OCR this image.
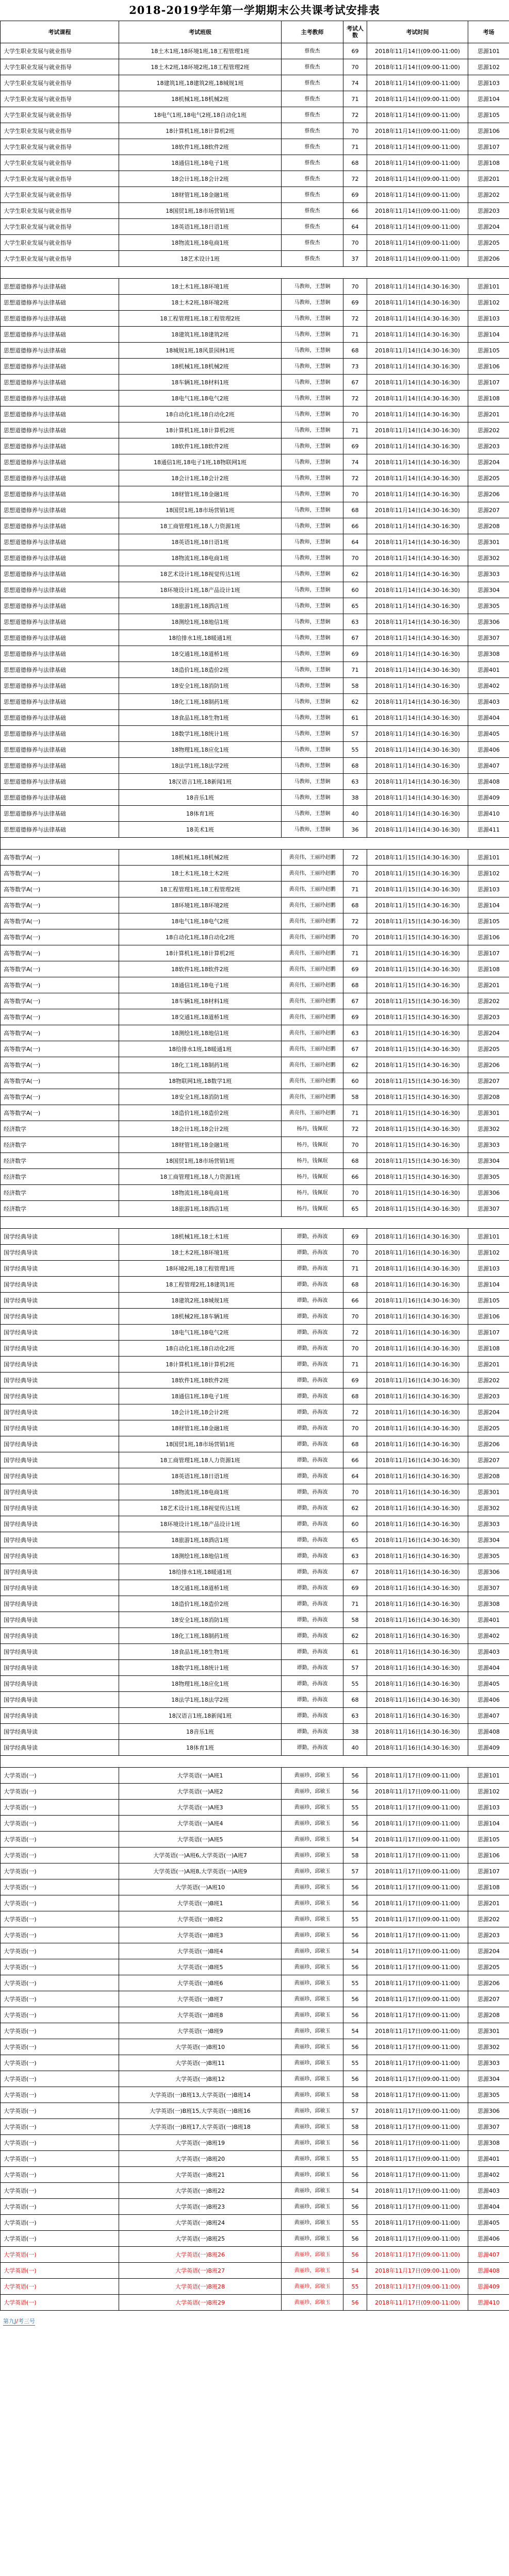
2018-2019学年第一学期期末公共课考试安排表
考试课程	考试班级	主考教师	考试人数	考试时间	考场
大学生职业发展与就业指导	18土木1班,18环境1班,18工程管理1班	蔡俊杰	69	2018年11月14日(09:00-11:00)	思源101
大学生职业发展与就业指导	18土木2班,18环境2班,18工程管理2班	蔡俊杰	70	2018年11月14日(09:00-11:00)	思源102
大学生职业发展与就业指导	18建筑1班,18建筑2班,18城规1班	蔡俊杰	74	2018年11月14日(09:00-11:00)	思源103
大学生职业发展与就业指导	18机械1班,18机械2班	蔡俊杰	71	2018年11月14日(09:00-11:00)	思源104
大学生职业发展与就业指导	18电气1班,18电气2班,18自动化1班	蔡俊杰	72	2018年11月14日(09:00-11:00)	思源105
大学生职业发展与就业指导	18计算机1班,18计算机2班	蔡俊杰	70	2018年11月14日(09:00-11:00)	思源106
大学生职业发展与就业指导	18软件1班,18软件2班	蔡俊杰	71	2018年11月14日(09:00-11:00)	思源107
大学生职业发展与就业指导	18通信1班,18电子1班	蔡俊杰	68	2018年11月14日(09:00-11:00)	思源108
大学生职业发展与就业指导	18会计1班,18会计2班	蔡俊杰	72	2018年11月14日(09:00-11:00)	思源201
大学生职业发展与就业指导	18财管1班,18金融1班	蔡俊杰	69	2018年11月14日(09:00-11:00)	思源202
大学生职业发展与就业指导	18国贸1班,18市场营销1班	蔡俊杰	66	2018年11月14日(09:00-11:00)	思源203
大学生职业发展与就业指导	18英语1班,18日语1班	蔡俊杰	64	2018年11月14日(09:00-11:00)	思源204
大学生职业发展与就业指导	18物流1班,18电商1班	蔡俊杰	70	2018年11月14日(09:00-11:00)	思源205
大学生职业发展与就业指导	18艺术设计1班	蔡俊杰	37	2018年11月14日(09:00-11:00)	思源206

思想道德修养与法律基础	18土木1班,18环境1班	马教师，王慧娴	70	2018年11月14日(14:30-16:30)	思源101
思想道德修养与法律基础	18土木2班,18环境2班	马教师，王慧娴	69	2018年11月14日(14:30-16:30)	思源102
思想道德修养与法律基础	18工程管理1班,18工程管理2班	马教师，王慧娴	72	2018年11月14日(14:30-16:30)	思源103
思想道德修养与法律基础	18建筑1班,18建筑2班	马教师，王慧娴	71	2018年11月14日(14:30-16:30)	思源104
思想道德修养与法律基础	18城规1班,18风景园林1班	马教师，王慧娴	68	2018年11月14日(14:30-16:30)	思源105
思想道德修养与法律基础	18机械1班,18机械2班	马教师，王慧娴	73	2018年11月14日(14:30-16:30)	思源106
思想道德修养与法律基础	18车辆1班,18材料1班	马教师，王慧娴	67	2018年11月14日(14:30-16:30)	思源107
思想道德修养与法律基础	18电气1班,18电气2班	马教师，王慧娴	72	2018年11月14日(14:30-16:30)	思源108
思想道德修养与法律基础	18自动化1班,18自动化2班	马教师，王慧娴	70	2018年11月14日(14:30-16:30)	思源201
思想道德修养与法律基础	18计算机1班,18计算机2班	马教师，王慧娴	71	2018年11月14日(14:30-16:30)	思源202
思想道德修养与法律基础	18软件1班,18软件2班	马教师，王慧娴	69	2018年11月14日(14:30-16:30)	思源203
思想道德修养与法律基础	18通信1班,18电子1班,18物联网1班	马教师，王慧娴	74	2018年11月14日(14:30-16:30)	思源204
思想道德修养与法律基础	18会计1班,18会计2班	马教师，王慧娴	72	2018年11月14日(14:30-16:30)	思源205
思想道德修养与法律基础	18财管1班,18金融1班	马教师，王慧娴	70	2018年11月14日(14:30-16:30)	思源206
思想道德修养与法律基础	18国贸1班,18市场营销1班	马教师，王慧娴	68	2018年11月14日(14:30-16:30)	思源207
思想道德修养与法律基础	18工商管理1班,18人力资源1班	马教师，王慧娴	66	2018年11月14日(14:30-16:30)	思源208
思想道德修养与法律基础	18英语1班,18日语1班	马教师，王慧娴	64	2018年11月14日(14:30-16:30)	思源301
思想道德修养与法律基础	18物流1班,18电商1班	马教师，王慧娴	70	2018年11月14日(14:30-16:30)	思源302
思想道德修养与法律基础	18艺术设计1班,18视觉传达1班	马教师，王慧娴	62	2018年11月14日(14:30-16:30)	思源303
思想道德修养与法律基础	18环境设计1班,18产品设计1班	马教师，王慧娴	60	2018年11月14日(14:30-16:30)	思源304
思想道德修养与法律基础	18旅游1班,18酒店1班	马教师，王慧娴	65	2018年11月14日(14:30-16:30)	思源305
思想道德修养与法律基础	18测绘1班,18地信1班	马教师，王慧娴	63	2018年11月14日(14:30-16:30)	思源306
思想道德修养与法律基础	18给排水1班,18暖通1班	马教师，王慧娴	67	2018年11月14日(14:30-16:30)	思源307
思想道德修养与法律基础	18交通1班,18道桥1班	马教师，王慧娴	69	2018年11月14日(14:30-16:30)	思源308
思想道德修养与法律基础	18造价1班,18造价2班	马教师，王慧娴	71	2018年11月14日(14:30-16:30)	思源401
思想道德修养与法律基础	18安全1班,18消防1班	马教师，王慧娴	58	2018年11月14日(14:30-16:30)	思源402
思想道德修养与法律基础	18化工1班,18制药1班	马教师，王慧娴	62	2018年11月14日(14:30-16:30)	思源403
思想道德修养与法律基础	18食品1班,18生物1班	马教师，王慧娴	61	2018年11月14日(14:30-16:30)	思源404
思想道德修养与法律基础	18数学1班,18统计1班	马教师，王慧娴	57	2018年11月14日(14:30-16:30)	思源405
思想道德修养与法律基础	18物理1班,18应化1班	马教师，王慧娴	55	2018年11月14日(14:30-16:30)	思源406
思想道德修养与法律基础	18法学1班,18法学2班	马教师，王慧娴	68	2018年11月14日(14:30-16:30)	思源407
思想道德修养与法律基础	18汉语言1班,18新闻1班	马教师，王慧娴	63	2018年11月14日(14:30-16:30)	思源408
思想道德修养与法律基础	18音乐1班	马教师，王慧娴	38	2018年11月14日(14:30-16:30)	思源409
思想道德修养与法律基础	18体育1班	马教师，王慧娴	40	2018年11月14日(14:30-16:30)	思源410
思想道德修养与法律基础	18美术1班	马教师，王慧娴	36	2018年11月14日(14:30-16:30)	思源411

高等数学A(一)	18机械1班,18机械2班	黄亮伟，王丽玲赵鹏	72	2018年11月15日(14:30-16:30)	思源101
高等数学A(一)	18土木1班,18土木2班	黄亮伟，王丽玲赵鹏	70	2018年11月15日(14:30-16:30)	思源102
高等数学A(一)	18工程管理1班,18工程管理2班	黄亮伟，王丽玲赵鹏	71	2018年11月15日(14:30-16:30)	思源103
高等数学A(一)	18环境1班,18环境2班	黄亮伟，王丽玲赵鹏	68	2018年11月15日(14:30-16:30)	思源104
高等数学A(一)	18电气1班,18电气2班	黄亮伟，王丽玲赵鹏	72	2018年11月15日(14:30-16:30)	思源105
高等数学A(一)	18自动化1班,18自动化2班	黄亮伟，王丽玲赵鹏	70	2018年11月15日(14:30-16:30)	思源106
高等数学A(一)	18计算机1班,18计算机2班	黄亮伟，王丽玲赵鹏	71	2018年11月15日(14:30-16:30)	思源107
高等数学A(一)	18软件1班,18软件2班	黄亮伟，王丽玲赵鹏	69	2018年11月15日(14:30-16:30)	思源108
高等数学A(一)	18通信1班,18电子1班	黄亮伟，王丽玲赵鹏	68	2018年11月15日(14:30-16:30)	思源201
高等数学A(一)	18车辆1班,18材料1班	黄亮伟，王丽玲赵鹏	67	2018年11月15日(14:30-16:30)	思源202
高等数学A(一)	18交通1班,18道桥1班	黄亮伟，王丽玲赵鹏	69	2018年11月15日(14:30-16:30)	思源203
高等数学A(一)	18测绘1班,18地信1班	黄亮伟，王丽玲赵鹏	63	2018年11月15日(14:30-16:30)	思源204
高等数学A(一)	18给排水1班,18暖通1班	黄亮伟，王丽玲赵鹏	67	2018年11月15日(14:30-16:30)	思源205
高等数学A(一)	18化工1班,18制药1班	黄亮伟，王丽玲赵鹏	62	2018年11月15日(14:30-16:30)	思源206
高等数学A(一)	18物联网1班,18数学1班	黄亮伟，王丽玲赵鹏	60	2018年11月15日(14:30-16:30)	思源207
高等数学A(一)	18安全1班,18消防1班	黄亮伟，王丽玲赵鹏	58	2018年11月15日(14:30-16:30)	思源208
高等数学A(一)	18造价1班,18造价2班	黄亮伟，王丽玲赵鹏	71	2018年11月15日(14:30-16:30)	思源301
经济数学	18会计1班,18会计2班	杨丹，钱佩珉	72	2018年11月15日(14:30-16:30)	思源302
经济数学	18财管1班,18金融1班	杨丹，钱佩珉	70	2018年11月15日(14:30-16:30)	思源303
经济数学	18国贸1班,18市场营销1班	杨丹，钱佩珉	68	2018年11月15日(14:30-16:30)	思源304
经济数学	18工商管理1班,18人力资源1班	杨丹，钱佩珉	66	2018年11月15日(14:30-16:30)	思源305
经济数学	18物流1班,18电商1班	杨丹，钱佩珉	70	2018年11月15日(14:30-16:30)	思源306
经济数学	18旅游1班,18酒店1班	杨丹，钱佩珉	65	2018年11月15日(14:30-16:30)	思源307

国学经典导读	18机械1班,18土木1班	谭勤，孙海波	69	2018年11月16日(14:30-16:30)	思源101
国学经典导读	18土木2班,18环境1班	谭勤，孙海波	70	2018年11月16日(14:30-16:30)	思源102
国学经典导读	18环境2班,18工程管理1班	谭勤，孙海波	71	2018年11月16日(14:30-16:30)	思源103
国学经典导读	18工程管理2班,18建筑1班	谭勤，孙海波	68	2018年11月16日(14:30-16:30)	思源104
国学经典导读	18建筑2班,18城规1班	谭勤，孙海波	66	2018年11月16日(14:30-16:30)	思源105
国学经典导读	18机械2班,18车辆1班	谭勤，孙海波	70	2018年11月16日(14:30-16:30)	思源106
国学经典导读	18电气1班,18电气2班	谭勤，孙海波	72	2018年11月16日(14:30-16:30)	思源107
国学经典导读	18自动化1班,18自动化2班	谭勤，孙海波	70	2018年11月16日(14:30-16:30)	思源108
国学经典导读	18计算机1班,18计算机2班	谭勤，孙海波	71	2018年11月16日(14:30-16:30)	思源201
国学经典导读	18软件1班,18软件2班	谭勤，孙海波	69	2018年11月16日(14:30-16:30)	思源202
国学经典导读	18通信1班,18电子1班	谭勤，孙海波	68	2018年11月16日(14:30-16:30)	思源203
国学经典导读	18会计1班,18会计2班	谭勤，孙海波	72	2018年11月16日(14:30-16:30)	思源204
国学经典导读	18财管1班,18金融1班	谭勤，孙海波	70	2018年11月16日(14:30-16:30)	思源205
国学经典导读	18国贸1班,18市场营销1班	谭勤，孙海波	68	2018年11月16日(14:30-16:30)	思源206
国学经典导读	18工商管理1班,18人力资源1班	谭勤，孙海波	66	2018年11月16日(14:30-16:30)	思源207
国学经典导读	18英语1班,18日语1班	谭勤，孙海波	64	2018年11月16日(14:30-16:30)	思源208
国学经典导读	18物流1班,18电商1班	谭勤，孙海波	70	2018年11月16日(14:30-16:30)	思源301
国学经典导读	18艺术设计1班,18视觉传达1班	谭勤，孙海波	62	2018年11月16日(14:30-16:30)	思源302
国学经典导读	18环境设计1班,18产品设计1班	谭勤，孙海波	60	2018年11月16日(14:30-16:30)	思源303
国学经典导读	18旅游1班,18酒店1班	谭勤，孙海波	65	2018年11月16日(14:30-16:30)	思源304
国学经典导读	18测绘1班,18地信1班	谭勤，孙海波	63	2018年11月16日(14:30-16:30)	思源305
国学经典导读	18给排水1班,18暖通1班	谭勤，孙海波	67	2018年11月16日(14:30-16:30)	思源306
国学经典导读	18交通1班,18道桥1班	谭勤，孙海波	69	2018年11月16日(14:30-16:30)	思源307
国学经典导读	18造价1班,18造价2班	谭勤，孙海波	71	2018年11月16日(14:30-16:30)	思源308
国学经典导读	18安全1班,18消防1班	谭勤，孙海波	58	2018年11月16日(14:30-16:30)	思源401
国学经典导读	18化工1班,18制药1班	谭勤，孙海波	62	2018年11月16日(14:30-16:30)	思源402
国学经典导读	18食品1班,18生物1班	谭勤，孙海波	61	2018年11月16日(14:30-16:30)	思源403
国学经典导读	18数学1班,18统计1班	谭勤，孙海波	57	2018年11月16日(14:30-16:30)	思源404
国学经典导读	18物理1班,18应化1班	谭勤，孙海波	55	2018年11月16日(14:30-16:30)	思源405
国学经典导读	18法学1班,18法学2班	谭勤，孙海波	68	2018年11月16日(14:30-16:30)	思源406
国学经典导读	18汉语言1班,18新闻1班	谭勤，孙海波	63	2018年11月16日(14:30-16:30)	思源407
国学经典导读	18音乐1班	谭勤，孙海波	38	2018年11月16日(14:30-16:30)	思源408
国学经典导读	18体育1班	谭勤，孙海波	40	2018年11月16日(14:30-16:30)	思源409

大学英语(一)	大学英语(一)A班1	黄丽珍，邱敏玉	56	2018年11月17日(09:00-11:00)	思源101
大学英语(一)	大学英语(一)A班2	黄丽珍，邱敏玉	56	2018年11月17日(09:00-11:00)	思源102
大学英语(一)	大学英语(一)A班3	黄丽珍，邱敏玉	55	2018年11月17日(09:00-11:00)	思源103
大学英语(一)	大学英语(一)A班4	黄丽珍，邱敏玉	56	2018年11月17日(09:00-11:00)	思源104
大学英语(一)	大学英语(一)A班5	黄丽珍，邱敏玉	54	2018年11月17日(09:00-11:00)	思源105
大学英语(一)	大学英语(一)A班6,大学英语(一)A班7	黄丽珍，邱敏玉	58	2018年11月17日(09:00-11:00)	思源106
大学英语(一)	大学英语(一)A班8,大学英语(一)A班9	黄丽珍，邱敏玉	57	2018年11月17日(09:00-11:00)	思源107
大学英语(一)	大学英语(一)A班10	黄丽珍，邱敏玉	56	2018年11月17日(09:00-11:00)	思源108
大学英语(一)	大学英语(一)B班1	黄丽珍，邱敏玉	56	2018年11月17日(09:00-11:00)	思源201
大学英语(一)	大学英语(一)B班2	黄丽珍，邱敏玉	55	2018年11月17日(09:00-11:00)	思源202
大学英语(一)	大学英语(一)B班3	黄丽珍，邱敏玉	56	2018年11月17日(09:00-11:00)	思源203
大学英语(一)	大学英语(一)B班4	黄丽珍，邱敏玉	54	2018年11月17日(09:00-11:00)	思源204
大学英语(一)	大学英语(一)B班5	黄丽珍，邱敏玉	56	2018年11月17日(09:00-11:00)	思源205
大学英语(一)	大学英语(一)B班6	黄丽珍，邱敏玉	55	2018年11月17日(09:00-11:00)	思源206
大学英语(一)	大学英语(一)B班7	黄丽珍，邱敏玉	56	2018年11月17日(09:00-11:00)	思源207
大学英语(一)	大学英语(一)B班8	黄丽珍，邱敏玉	56	2018年11月17日(09:00-11:00)	思源208
大学英语(一)	大学英语(一)B班9	黄丽珍，邱敏玉	54	2018年11月17日(09:00-11:00)	思源301
大学英语(一)	大学英语(一)B班10	黄丽珍，邱敏玉	56	2018年11月17日(09:00-11:00)	思源302
大学英语(一)	大学英语(一)B班11	黄丽珍，邱敏玉	55	2018年11月17日(09:00-11:00)	思源303
大学英语(一)	大学英语(一)B班12	黄丽珍，邱敏玉	56	2018年11月17日(09:00-11:00)	思源304
大学英语(一)	大学英语(一)B班13,大学英语(一)B班14	黄丽珍，邱敏玉	58	2018年11月17日(09:00-11:00)	思源305
大学英语(一)	大学英语(一)B班15,大学英语(一)B班16	黄丽珍，邱敏玉	57	2018年11月17日(09:00-11:00)	思源306
大学英语(一)	大学英语(一)B班17,大学英语(一)B班18	黄丽珍，邱敏玉	58	2018年11月17日(09:00-11:00)	思源307
大学英语(一)	大学英语(一)B班19	黄丽珍，邱敏玉	56	2018年11月17日(09:00-11:00)	思源308
大学英语(一)	大学英语(一)B班20	黄丽珍，邱敏玉	55	2018年11月17日(09:00-11:00)	思源401
大学英语(一)	大学英语(一)B班21	黄丽珍，邱敏玉	56	2018年11月17日(09:00-11:00)	思源402
大学英语(一)	大学英语(一)B班22	黄丽珍，邱敏玉	54	2018年11月17日(09:00-11:00)	思源403
大学英语(一)	大学英语(一)B班23	黄丽珍，邱敏玉	56	2018年11月17日(09:00-11:00)	思源404
大学英语(一)	大学英语(一)B班24	黄丽珍，邱敏玉	55	2018年11月17日(09:00-11:00)	思源405
大学英语(一)	大学英语(一)B班25	黄丽珍，邱敏玉	56	2018年11月17日(09:00-11:00)	思源406
大学英语(一)	大学英语(一)B班26	黄丽珍，邱敏玉	56	2018年11月17日(09:00-11:00)	思源407
大学英语(一)	大学英语(一)B班27	黄丽珍，邱敏玉	54	2018年11月17日(09:00-11:00)	思源408
大学英语(一)	大学英语(一)B班28	黄丽珍，邱敏玉	55	2018年11月17日(09:00-11:00)	思源409
大学英语(一)	大学英语(一)B班29	黄丽珍，邱敏玉	56	2018年11月17日(09:00-11:00)	思源410
第九J/考三号
